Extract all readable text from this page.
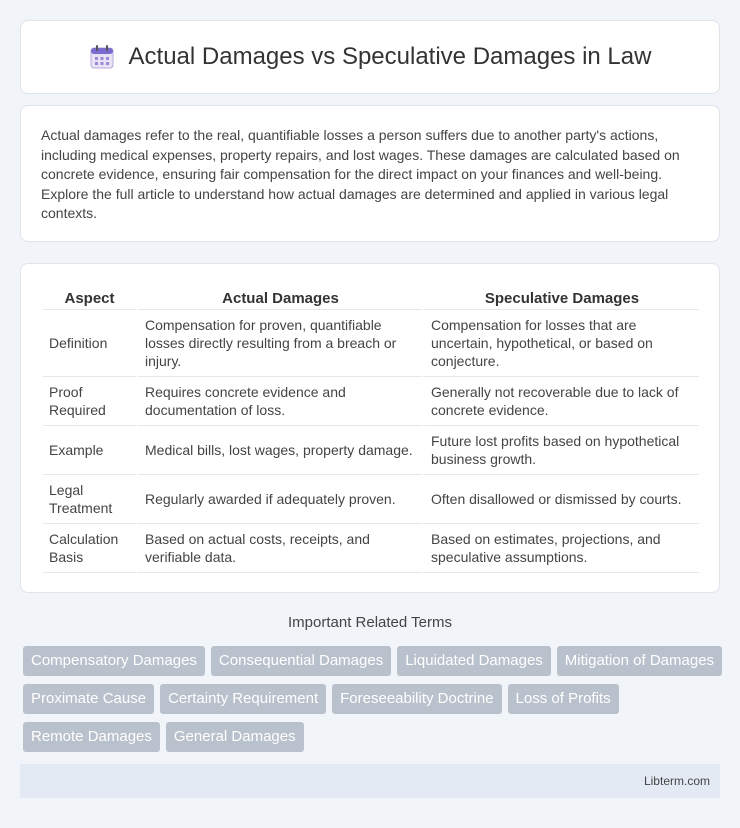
Actual Damages vs Speculative Damages in Law

Actual damages refer to the real, quantifiable losses a person suffers due to another party's actions, including medical expenses, property repairs, and lost wages. These damages are calculated based on concrete evidence, ensuring fair compensation for the direct impact on your finances and well-being. Explore the full article to understand how actual damages are determined and applied in various legal contexts.

Aspect	Actual Damages	Speculative Damages
Definition	Compensation for proven, quantifiable losses directly resulting from a breach or injury.	Compensation for losses that are uncertain, hypothetical, or based on conjecture.
Proof Required	Requires concrete evidence and documentation of loss.	Generally not recoverable due to lack of concrete evidence.
Example	Medical bills, lost wages, property damage.	Future lost profits based on hypothetical business growth.
Legal Treatment	Regularly awarded if adequately proven.	Often disallowed or dismissed by courts.
Calculation Basis	Based on actual costs, receipts, and verifiable data.	Based on estimates, projections, and speculative assumptions.
Important Related Terms
Compensatory Damages	Consequential Damages	Liquidated Damages	Mitigation of Damages
Proximate Cause	Certainty Requirement	Foreseeability Doctrine	Loss of Profits
Remote Damages	General Damages
Libterm.com
